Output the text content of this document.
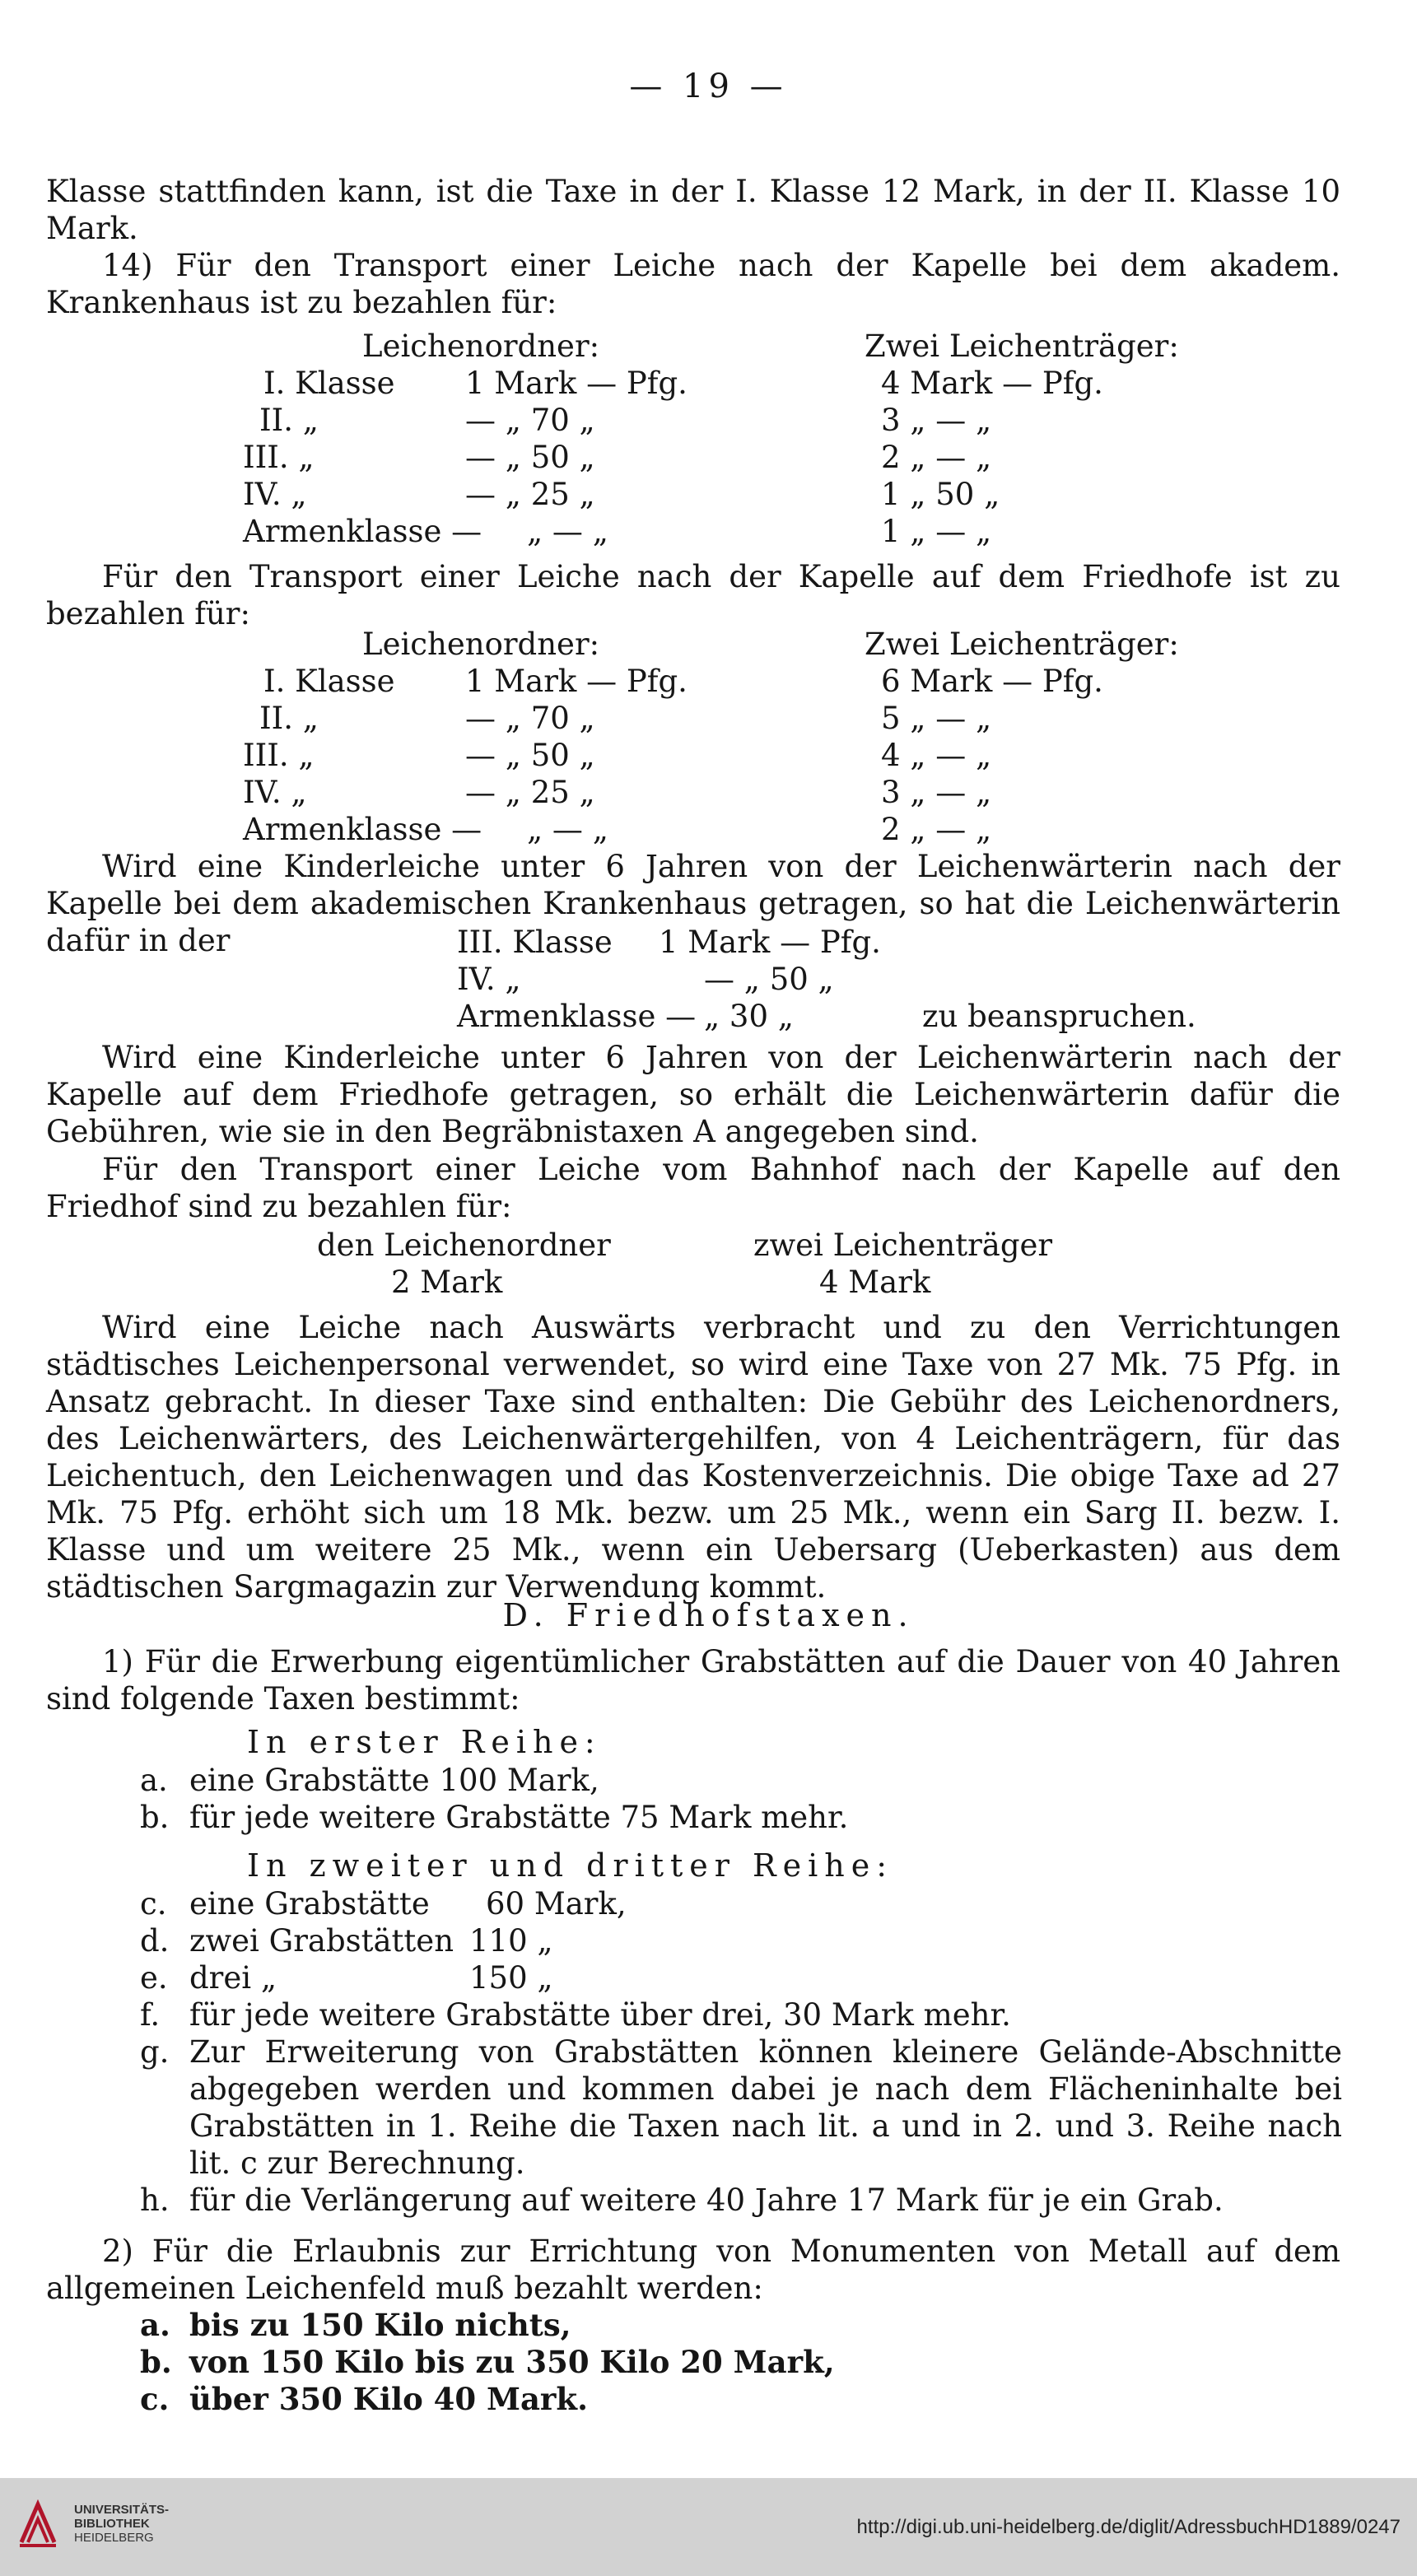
— 19 —

Klasse stattfinden kann, ist die Taxe in der I. Klasse 12 Mark, in der II. Klasse 10 Mark.

14) Für den Transport einer Leiche nach der Kapelle bei dem akadem. Krankenhaus ist zu bezahlen für:

Leichenordner:	Zwei Leichenträger:
I. Klasse 1 Mark — Pfg.	4 Mark — Pfg.
II. „	— „ 70 „	3 „ — „
III. „	— „ 50 „	2 „ — „
IV. „	— „ 25 „	1 „ 50 „
Armenklasse — „ — „	1 „ — „

Für den Transport einer Leiche nach der Kapelle auf dem Friedhofe ist zu bezahlen für:

Leichenordner:	Zwei Leichenträger:
I. Klasse 1 Mark — Pfg.	6 Mark — Pfg.
II. „	— „ 70 „	5 „ — „
III. „	— „ 50 „	4 „ — „
IV. „	— „ 25 „	3 „ — „
Armenklasse — „ — „	2 „ — „

Wird eine Kinderleiche unter 6 Jahren von der Leichenwärterin nach der Kapelle bei dem akademischen Krankenhaus getragen, so hat die Leichenwärterin dafür in der	III. Klasse 1 Mark — Pfg.
IV. „	— „ 50 „
Armenklasse — „ 30 „	zu beanspruchen.

Wird eine Kinderleiche unter 6 Jahren von der Leichenwärterin nach der Kapelle auf dem Friedhofe getragen, so erhält die Leichenwärterin dafür die Gebühren, wie sie in den Begräbnistaxen A angegeben sind.

Für den Transport einer Leiche vom Bahnhof nach der Kapelle auf den Friedhof sind zu bezahlen für:

den Leichenordner	zwei Leichenträger
2 Mark	4 Mark

Wird eine Leiche nach Auswärts verbracht und zu den Verrichtungen städtisches Leichenpersonal verwendet, so wird eine Taxe von 27 Mk. 75 Pfg. in Ansatz gebracht. In dieser Taxe sind enthalten: Die Gebühr des Leichenordners, des Leichenwärters, des Leichenwärtergehilfen, von 4 Leichenträgern, für das Leichentuch, den Leichenwagen und das Kostenverzeichnis. Die obige Taxe ad 27 Mk. 75 Pfg. erhöht sich um 18 Mk. bezw. um 25 Mk., wenn ein Sarg II. bezw. I. Klasse und um weitere 25 Mk., wenn ein Uebersarg (Ueberkasten) aus dem städtischen Sargmagazin zur Verwendung kommt.

D. Friedhofstaxen.

1) Für die Erwerbung eigentümlicher Grabstätten auf die Dauer von 40 Jahren sind folgende Taxen bestimmt:

In erster Reihe:
a. eine Grabstätte 100 Mark,
b. für jede weitere Grabstätte 75 Mark mehr.
In zweiter und dritter Reihe:
c. eine Grabstätte 60 Mark,
d. zwei Grabstätten 110 „
e. drei „	150 „
f. für jede weitere Grabstätte über drei, 30 Mark mehr.
g. Zur Erweiterung von Grabstätten können kleinere Gelände-Abschnitte abgegeben werden und kommen dabei je nach dem Flächeninhalte bei Grabstätten in 1. Reihe die Taxen nach lit. a und in 2. und 3. Reihe nach lit. c zur Berechnung.
h. für die Verlängerung auf weitere 40 Jahre 17 Mark für je ein Grab.

2) Für die Erlaubnis zur Errichtung von Monumenten von Metall auf dem allgemeinen Leichenfeld muß bezahlt werden:

a. bis zu 150 Kilo nichts,
b. von 150 Kilo bis zu 350 Kilo 20 Mark,
c. über 350 Kilo 40 Mark.
UNIVERSITÄTS-
BIBLIOTHEK
HEIDELBERG	http://digi.ub.uni-heidelberg.de/diglit/AdressbuchHD1889/0247
